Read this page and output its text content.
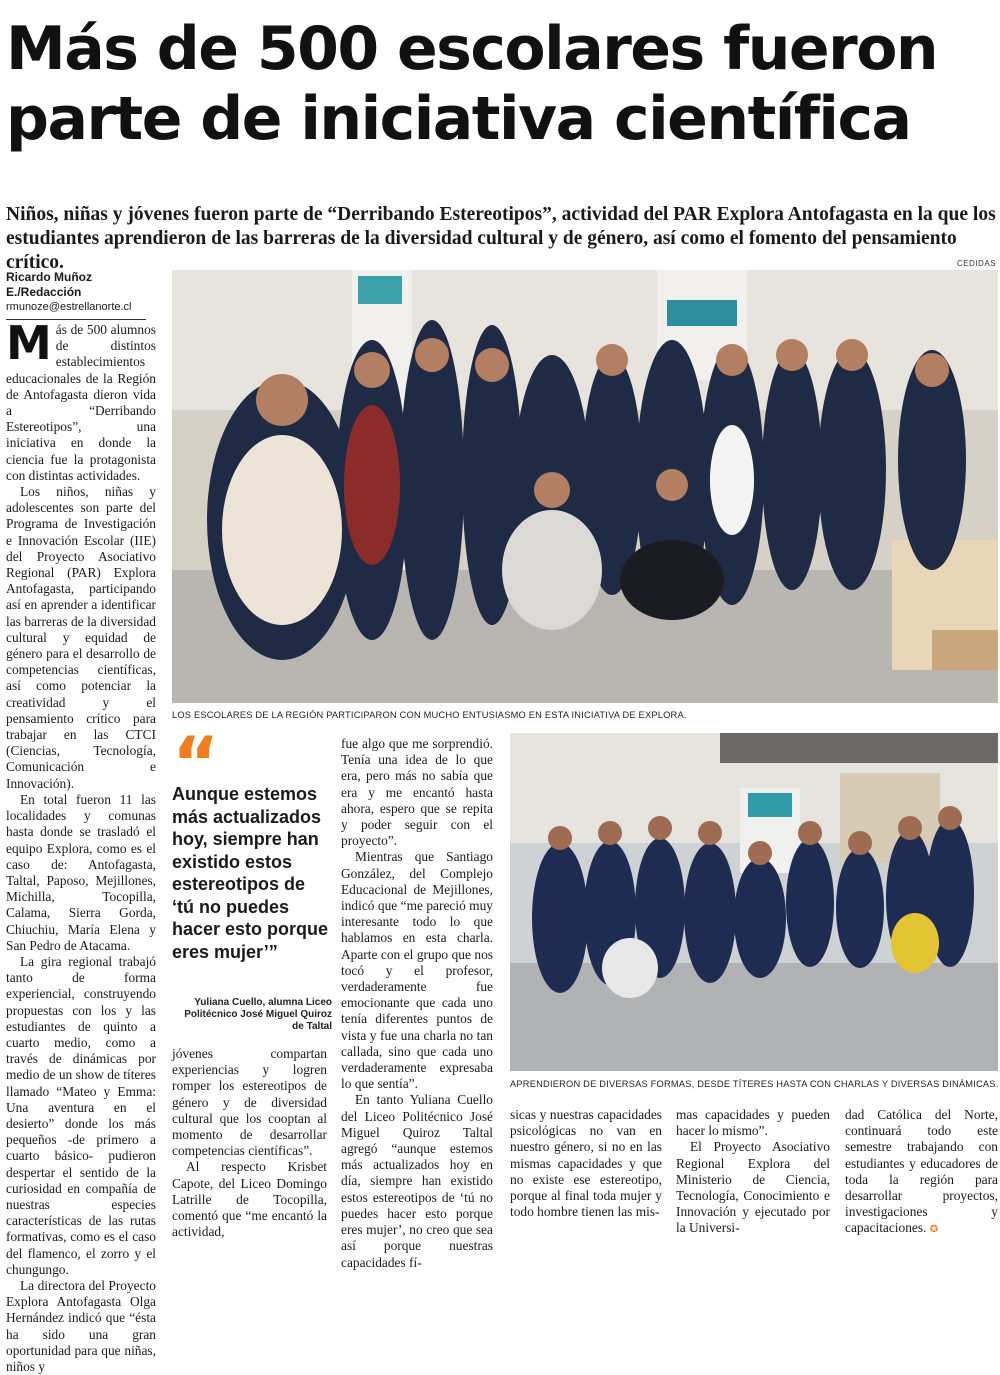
Más de 500 escolares fueron
parte de iniciativa científica
Niños, niñas y jóvenes fueron parte de “Derribando Estereotipos”, actividad del PAR Explora Antofagasta en la que los estudiantes aprendieron de las barreras de la diversidad cultural y de género, así como el fomento del pensamiento crítico.
Ricardo Muñoz E./Redacción
rmunoze@estrellanorte.cl
CEDIDAS
LOS ESCOLARES DE LA REGIÓN PARTICIPARON CON MUCHO ENTUSIASMO EN ESTA INICIATIVA DE EXPLORA.
APRENDIERON DE DIVERSAS FORMAS, DESDE TÍTERES HASTA CON CHARLAS Y DIVERSAS DINÁMICAS.

Más de 500 alumnos de distintos establecimientos educacionales de la Región de Antofagasta dieron vida a “Derribando Estereotipos”, una iniciativa en donde la ciencia fue la protagonista con distintas actividades.

Los niños, niñas y adolescentes son parte del Programa de Investigación e Innovación Escolar (IIE) del Proyecto Asociativo Regional (PAR) Explora Antofagasta, participando así en aprender a identificar las barreras de la diversidad cultural y equidad de género para el desarrollo de competencias científicas, así como potenciar la creatividad y el pensamiento crítico para trabajar en las CTCI (Ciencias, Tecnología, Comunicación e Innovación).

En total fueron 11 las localidades y comunas hasta donde se trasladó el equipo Explora, como es el caso de: Antofagasta, Taltal, Paposo, Mejillones, Michilla, Tocopilla, Calama, Sierra Gorda, Chiuchiu, María Elena y San Pedro de Atacama.

La gira regional trabajó tanto de forma experiencial, construyendo propuestas con los y las estudiantes de quinto a cuarto medio, como a través de dinámicas por medio de un show de títeres llamado “Mateo y Emma: Una aventura en el desierto” donde los más pequeños -de primero a cuarto básico- pudieron despertar el sentido de la curiosidad en compañía de nuestras especies características de las rutas formativas, como es el caso del flamenco, el zorro y el chungungo.

La directora del Proyecto Explora Antofagasta Olga Hernández indicó que “ésta ha sido una gran oportunidad para que niñas, niños y

“
Aunque estemos más actualizados hoy, siempre han existido estos estereotipos de ‘tú no puedes hacer esto porque eres mujer’”
Yuliana Cuello, alumna Liceo Politécnico José Miguel Quiroz de Taltal

jóvenes compartan experiencias y logren romper los estereotipos de género y de diversidad cultural que los cooptan al momento de desarrollar competencias científicas”.

Al respecto Krisbet Capote, del Liceo Domingo Latrille de Tocopilla, comentó que “me encantó la actividad,

fue algo que me sorprendió. Tenía una idea de lo que era, pero más no sabía que era y me encantó hasta ahora, espero que se repita y poder seguir con el proyecto”.

Mientras que Santiago González, del Complejo Educacional de Mejillones, indicó que “me pareció muy interesante todo lo que hablamos en esta charla. Aparte con el grupo que nos tocó y el profesor, verdaderamente fue emocionante que cada uno tenía diferentes puntos de vista y fue una charla no tan callada, sino que cada uno verdaderamente expresaba lo que sentía”.

En tanto Yuliana Cuello del Liceo Politécnico José Miguel Quiroz Taltal agregó “aunque estemos más actualizados hoy en día, siempre han existido estos estereotipos de ‘tú no puedes hacer esto porque eres mujer’, no creo que sea así porque nuestras capacidades fí-

sicas y nuestras capacidades psicológicas no van en nuestro género, si no en las mismas capacidades y que no existe ese estereotipo, porque al final toda mujer y todo hombre tienen las mis-

mas capacidades y pueden hacer lo mismo”.

El Proyecto Asociativo Regional Explora del Ministerio de Ciencia, Tecnología, Conocimiento e Innovación y ejecutado por la Universi-

dad Católica del Norte, continuará todo este semestre trabajando con estudiantes y educadores de toda la región para desarrollar proyectos, investigaciones y capacitaciones. ✪
